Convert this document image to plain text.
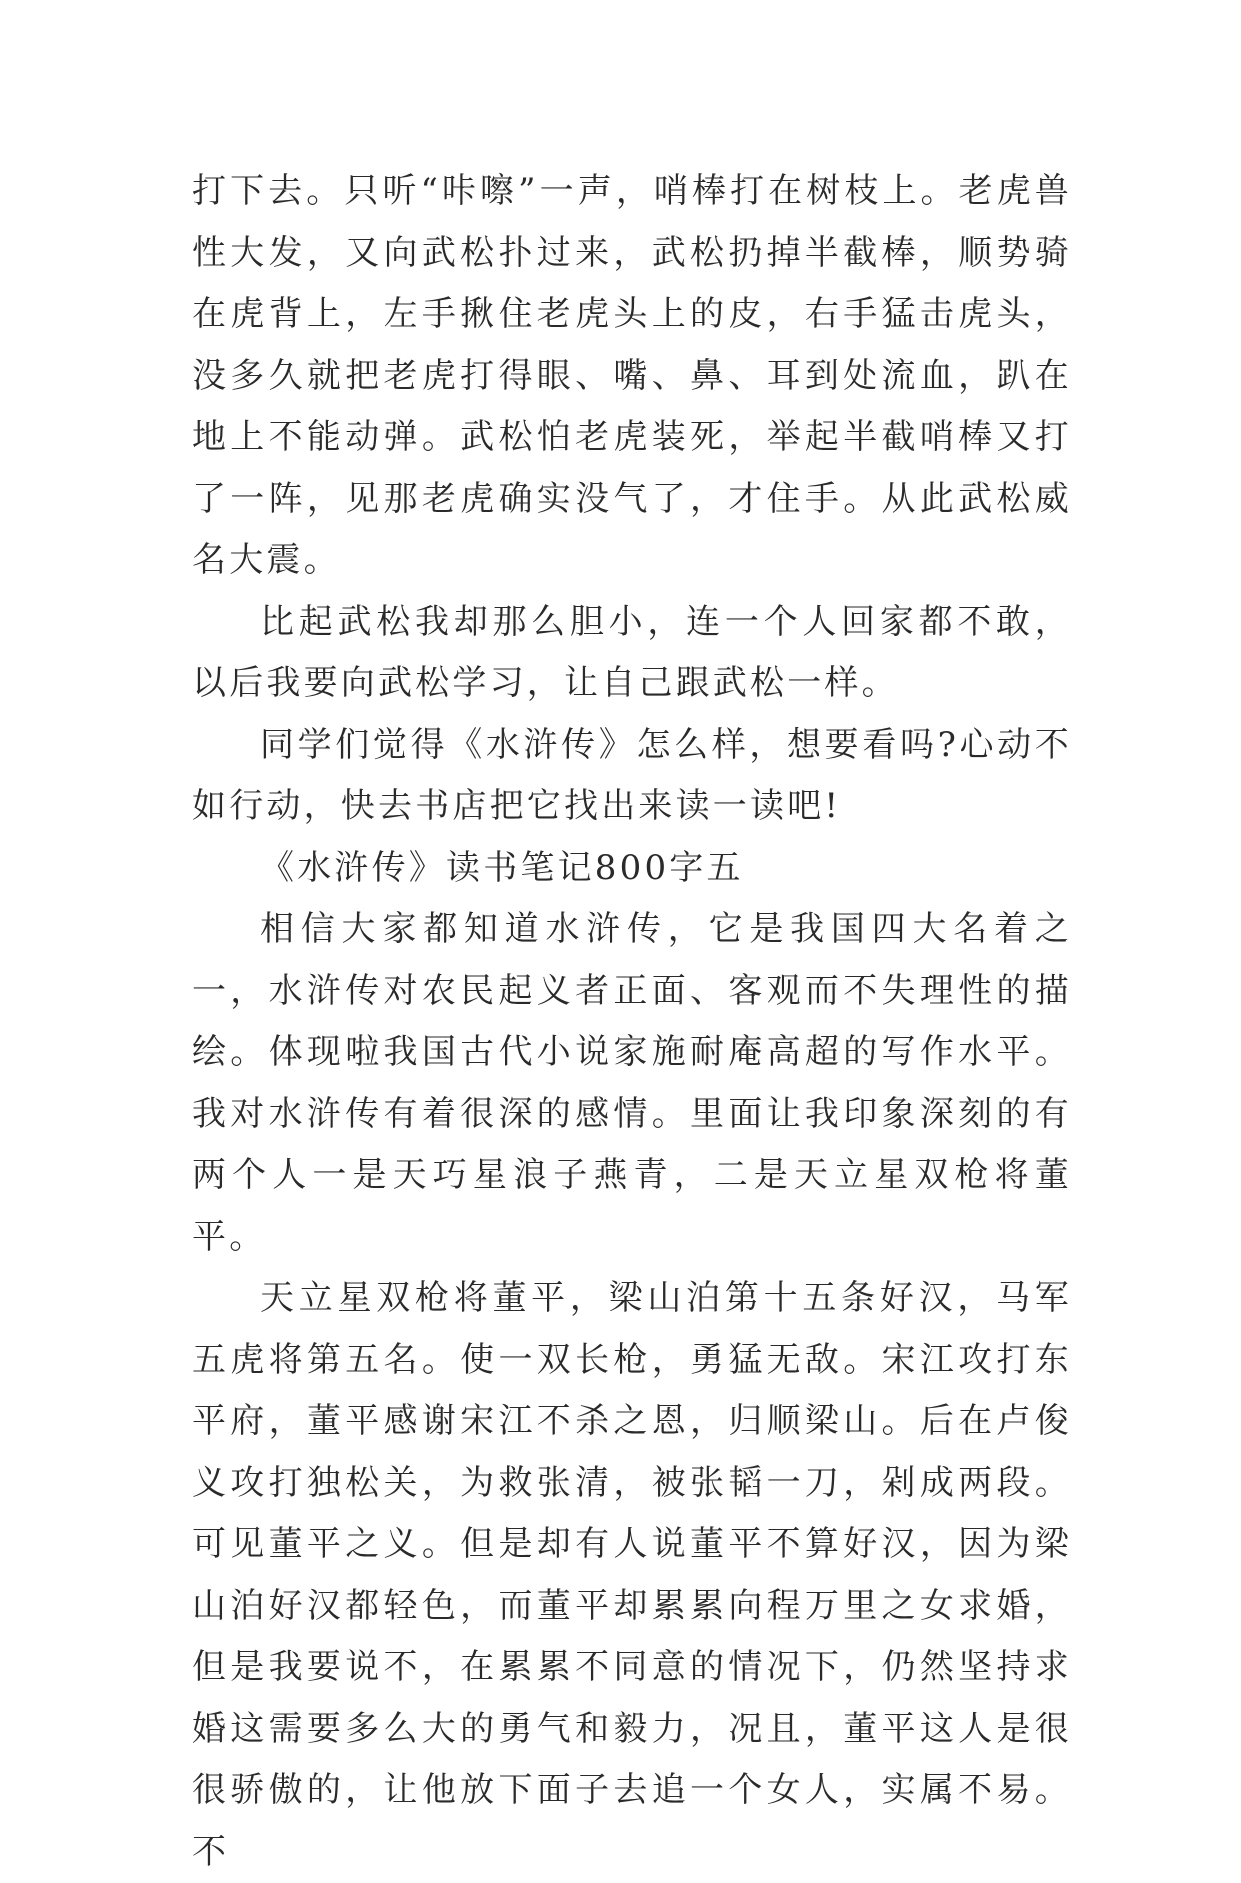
打下去。只听“咔嚓”一声，哨棒打在树枝上。老虎兽性大发，又向武松扑过来，武松扔掉半截棒，顺势骑在虎背上，左手揪住老虎头上的皮，右手猛击虎头，没多久就把老虎打得眼、嘴、鼻、耳到处流血，趴在地上不能动弹。武松怕老虎装死，举起半截哨棒又打了一阵，见那老虎确实没气了，才住手。从此武松威名大震。

比起武松我却那么胆小，连一个人回家都不敢，以后我要向武松学习，让自己跟武松一样。

同学们觉得《水浒传》怎么样，想要看吗?心动不如行动，快去书店把它找出来读一读吧!

《水浒传》读书笔记800字五

相信大家都知道水浒传，它是我国四大名着之一，水浒传对农民起义者正面、客观而不失理性的描绘。体现啦我国古代小说家施耐庵高超的写作水平。我对水浒传有着很深的感情。里面让我印象深刻的有两个人一是天巧星浪子燕青，二是天立星双枪将董平。

天立星双枪将董平，梁山泊第十五条好汉，马军五虎将第五名。使一双长枪，勇猛无敌。宋江攻打东平府，董平感谢宋江不杀之恩，归顺梁山。后在卢俊义攻打独松关，为救张清，被张韬一刀，剁成两段。可见董平之义。但是却有人说董平不算好汉，因为梁山泊好汉都轻色，而董平却累累向程万里之女求婚，但是我要说不，在累累不同意的情况下，仍然坚持求婚这需要多么大的勇气和毅力，况且，董平这人是很很骄傲的，让他放下面子去追一个女人，实属不易。不
